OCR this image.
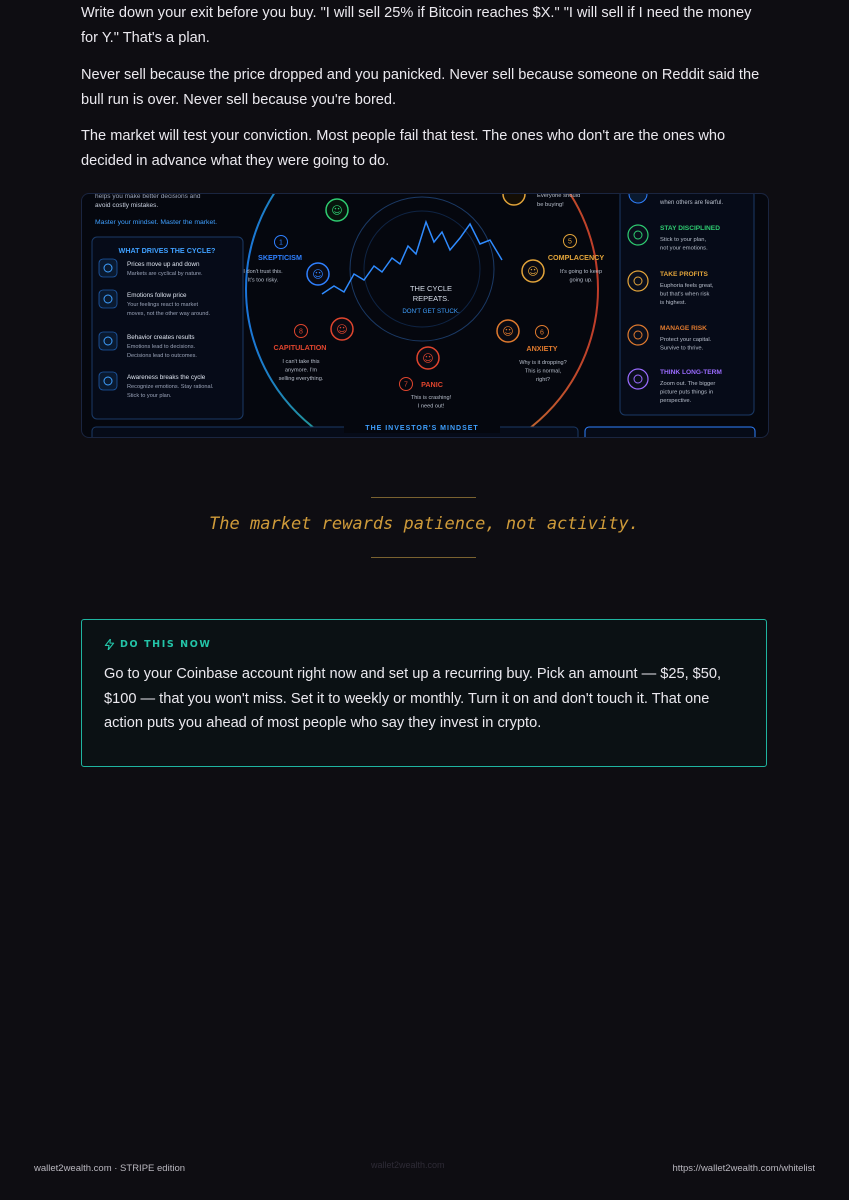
Write down your exit before you buy. "I will sell 25% if Bitcoin reaches $X." "I will sell if I need the money for Y." That's a plan.

Never sell because the price dropped and you panicked. Never sell because someone on Reddit said the bull run is over. Never sell because you're bored.

The market will test your conviction. Most people fail that test. The ones who don't are the ones who decided in advance what they were going to do.

helps you make better decisions and
avoid costly mistakes.
Master your mindset. Master the market.
WHAT DRIVES THE CYCLE?
Prices move up and down
Markets are cyclical by nature.
Emotions follow price
Your feelings react to market
moves, not the other way around.
Behavior creates results
Emotions lead to decisions.
Decisions lead to outcomes.
Awareness breaks the cycle
Recognize emotions. Stay rational.
Stick to your plan.
THE CYCLE
REPEATS.
DON'T GET STUCK.
☺
Everyone should
be buying!
☺
1
SKEPTICISM
I don't trust this.
It's too risky.
☺
5
COMPLACENCY
It's going to keep
going up.
☺	6
ANXIETY
Why is it dropping?
This is normal,
right?
☺
7 PANIC
This is crashing!
I need out!
☺
8
CAPITULATION
I can't take this
anymore. I'm
selling everything.
when others are fearful.
STAY DISCIPLINED
Stick to your plan,
not your emotions.
TAKE PROFITS
Euphoria feels great,
but that's when risk
is highest.
MANAGE RISK
Protect your capital.
Survive to thrive.
THINK LONG-TERM
Zoom out. The bigger
picture puts things in
perspective.
THE INVESTOR'S MINDSET
The market rewards patience, not activity.
DO THIS NOW

Go to your Coinbase account right now and set up a recurring buy. Pick an amount — $25, $50, $100 — that you won't miss. Set it to weekly or monthly. Turn it on and don't touch it. That one action puts you ahead of most people who say they invest in crypto.

wallet2wealth.com
wallet2wealth.com · STRIPE edition	https://wallet2wealth.com/whitelist
